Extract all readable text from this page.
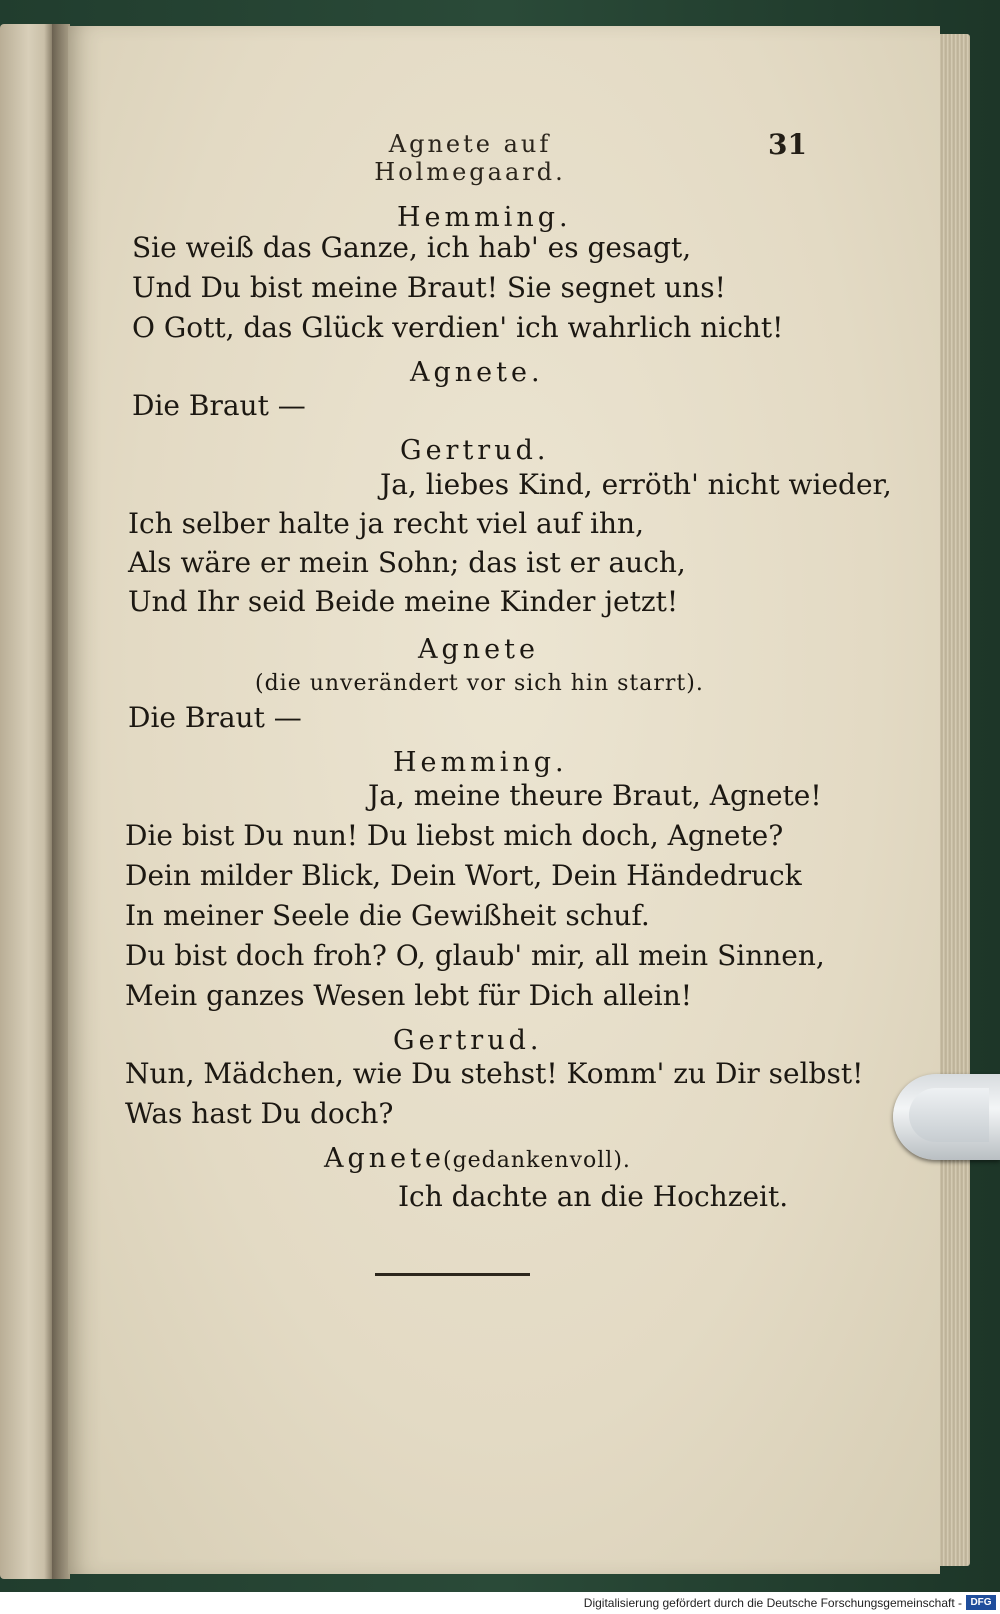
Agnete auf Holmegaard.
31
Hemming.
Sie weiß das Ganze, ich hab' es gesagt,
Und Du bist meine Braut! Sie segnet uns!
O Gott, das Glück verdien' ich wahrlich nicht!
Agnete.
Die Braut —
Gertrud.
Ja, liebes Kind, erröth' nicht wieder,
Ich selber halte ja recht viel auf ihn,
Als wäre er mein Sohn; das ist er auch,
Und Ihr seid Beide meine Kinder jetzt!
Agnete
(die unverändert vor sich hin starrt).
Die Braut —
Hemming.
Ja, meine theure Braut, Agnete!
Die bist Du nun! Du liebst mich doch, Agnete?
Dein milder Blick, Dein Wort, Dein Händedruck
In meiner Seele die Gewißheit schuf.
Du bist doch froh? O, glaub' mir, all mein Sinnen,
Mein ganzes Wesen lebt für Dich allein!
Gertrud.
Nun, Mädchen, wie Du stehst! Komm' zu Dir selbst!
Was hast Du doch?
Agnete
(gedankenvoll).
Ich dachte an die Hochzeit.
Digitalisierung gefördert durch die Deutsche Forschungsgemeinschaft - DFG
